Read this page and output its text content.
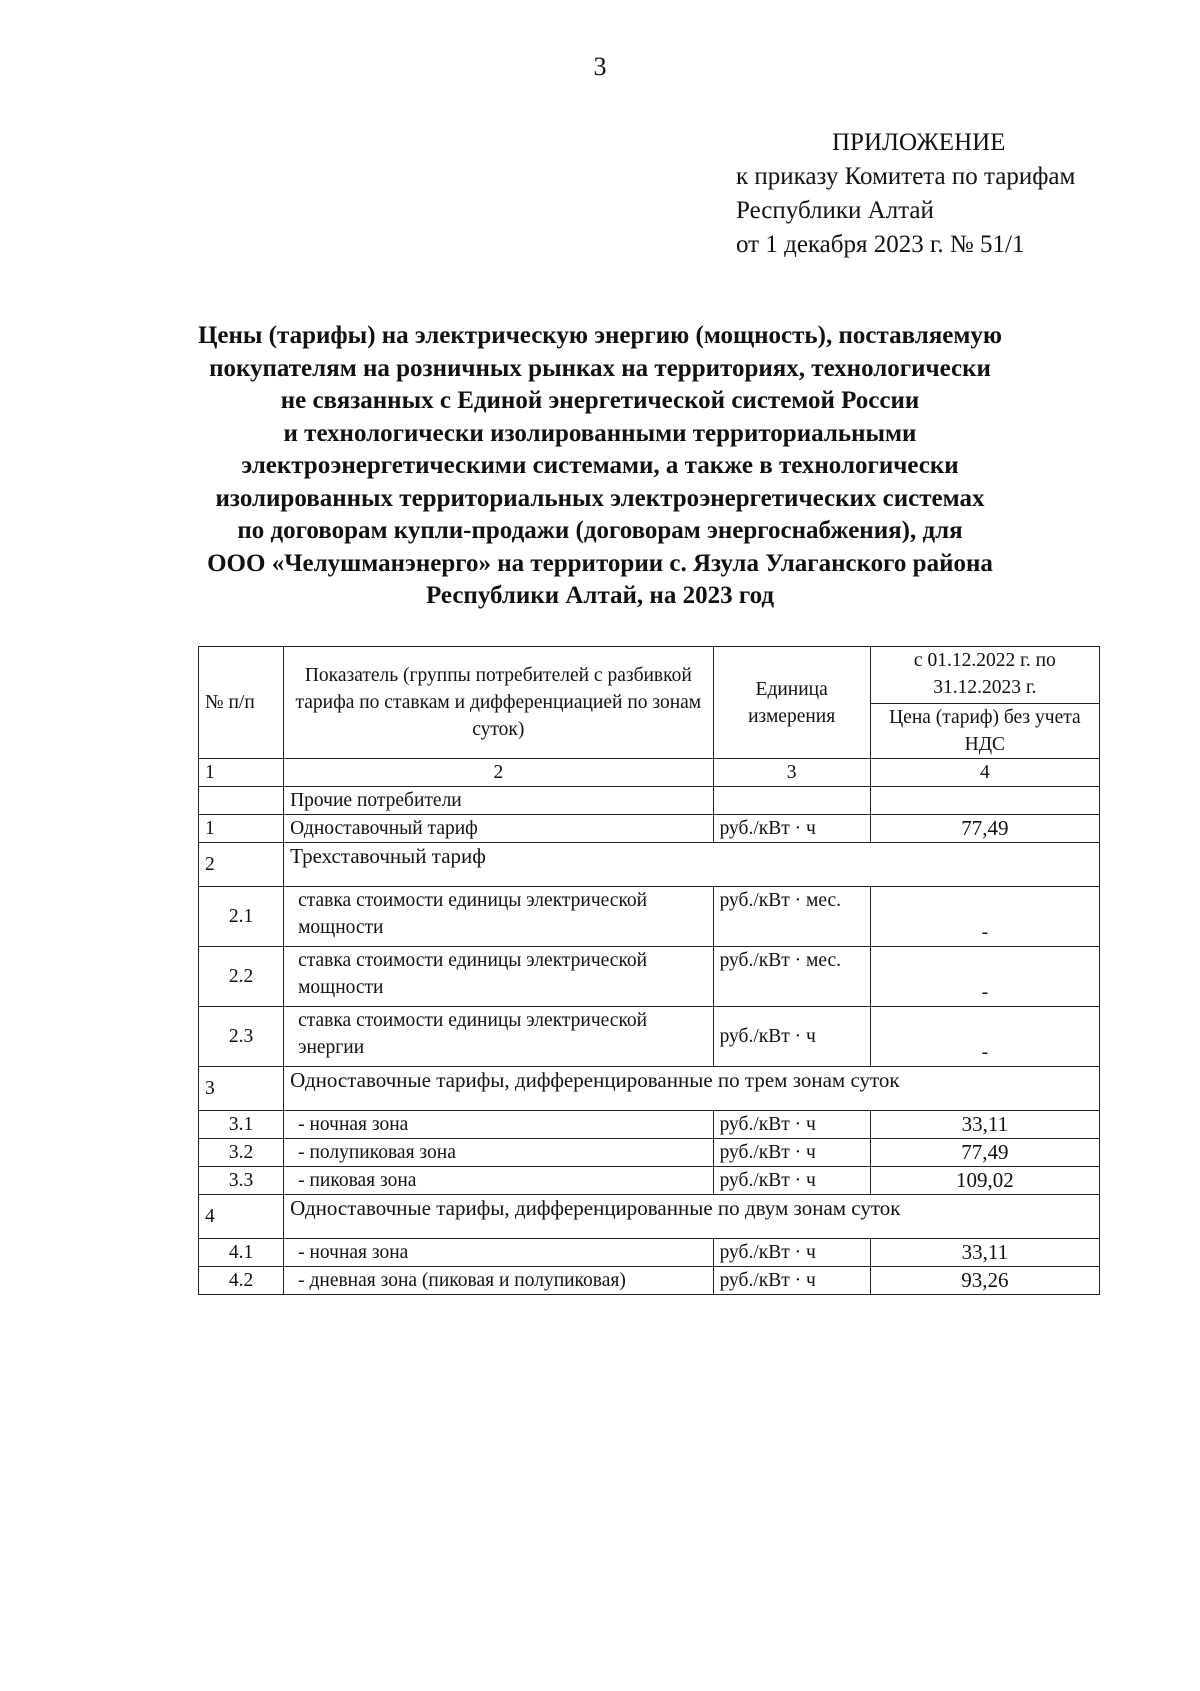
3
ПРИЛОЖЕНИЕ
к приказу Комитета по тарифам
Республики Алтай
от 1 декабря 2023 г. № 51/1
Цены (тарифы) на электрическую энергию (мощность), поставляемую
покупателям на розничных рынках на территориях, технологически
не связанных с Единой энергетической системой России
и технологически изолированными территориальными
электроэнергетическими системами, а также в технологически
изолированных территориальных электроэнергетических системах
по договорам купли-продажи (договорам энергоснабжения), для
ООО «Челушманэнерго» на территории с. Язула Улаганского района
Республики Алтай, на 2023 год
№ п/п	Показатель (группы потребителей с разбивкой тарифа по ставкам и дифференциацией по зонам суток)	Единица измерения	с 01.12.2022 г. по 31.12.2023 г.
			Цена (тариф) без учета НДС
1	2	3	4
	Прочие потребители		
1	Одноставочный тариф	руб./кВт · ч	77,49
2	Трехставочный тариф		
2.1	ставка стоимости единицы электрической мощности	руб./кВт · мес.	-
2.2	ставка стоимости единицы электрической мощности	руб./кВт · мес.	-
2.3	ставка стоимости единицы электрической энергии	руб./кВт · ч	-
3	Одноставочные тарифы, дифференцированные по трем зонам суток		
3.1	- ночная зона	руб./кВт · ч	33,11
3.2	- полупиковая зона	руб./кВт · ч	77,49
3.3	- пиковая зона	руб./кВт · ч	109,02
4	Одноставочные тарифы, дифференцированные по двум зонам суток		
4.1	- ночная зона	руб./кВт · ч	33,11
4.2	- дневная зона (пиковая и полупиковая)	руб./кВт · ч	93,26
